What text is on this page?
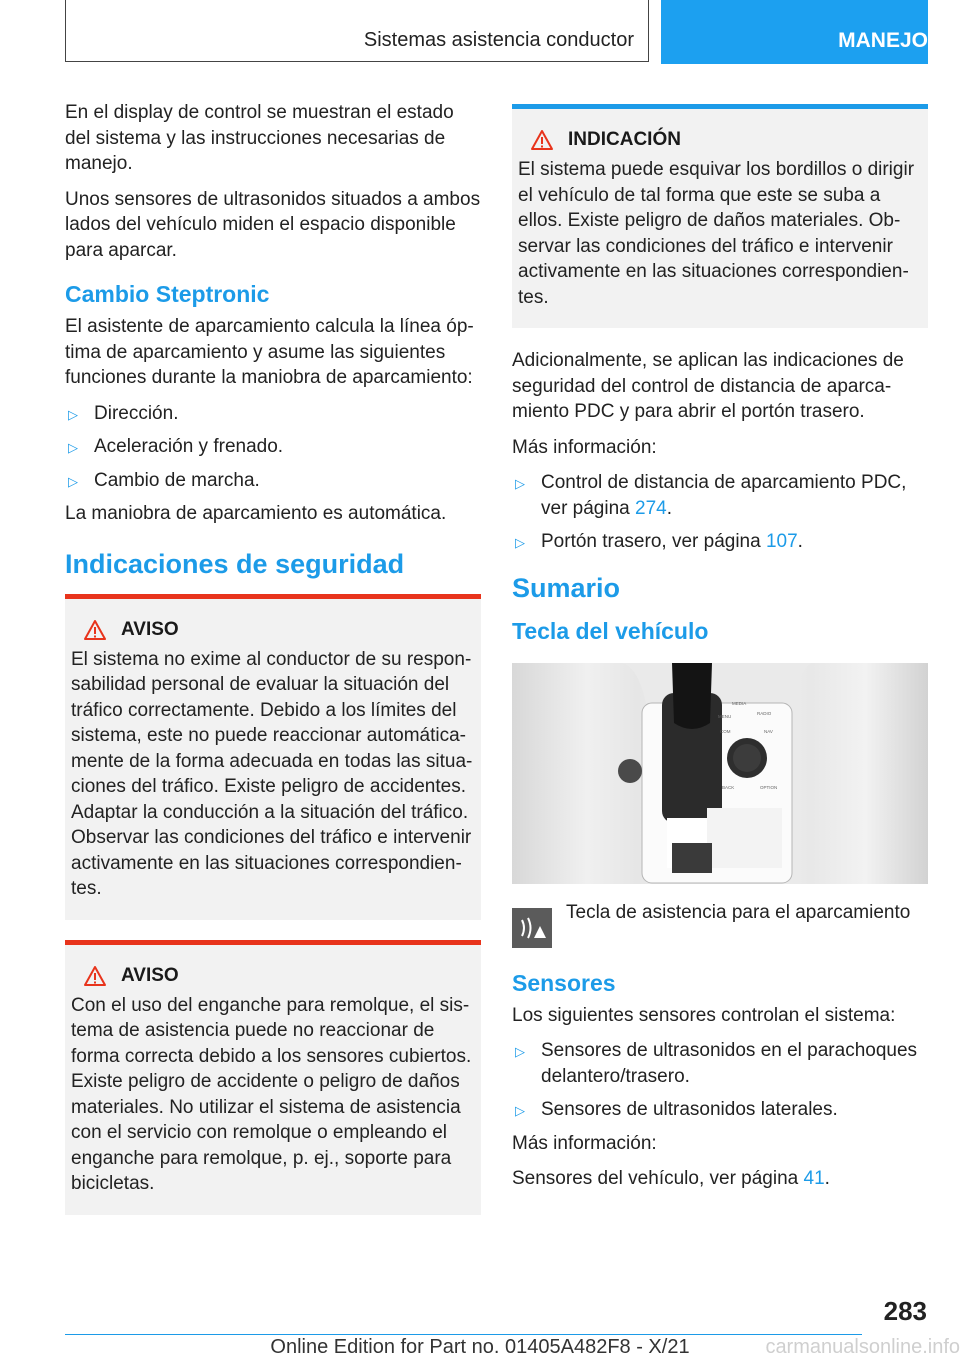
Sistemas asistencia conductor	MANEJO

En el display de control se muestran el estado del sistema y las instrucciones necesarias de manejo.

Unos sensores de ultrasonidos situados a ambos lados del vehículo miden el espacio disponible para aparcar.

Cambio Steptronic

El asistente de aparcamiento calcula la línea óptima de aparcamiento y asume las siguientes funciones durante la maniobra de aparcamiento:

▷ Dirección.
▷ Aceleración y frenado.
▷ Cambio de marcha.

La maniobra de aparcamiento es automática.

Indicaciones de seguridad
AVISO

El sistema no exime al conductor de su responsabilidad personal de evaluar la situación del tráfico correctamente. Debido a los límites del sistema, este no puede reaccionar automáticamente de la forma adecuada en todas las situaciones del tráfico. Existe peligro de accidentes. Adaptar la conducción a la situación del tráfico. Observar las condiciones del tráfico e intervenir activamente en las situaciones correspondientes.

AVISO

Con el uso del enganche para remolque, el sistema de asistencia puede no reaccionar de forma correcta debido a los sensores cubiertos. Existe peligro de accidente o peligro de daños materiales. No utilizar el sistema de asistencia con el servicio con remolque o empleando el enganche para remolque, p. ej., soporte para bicicletas.

INDICACIÓN

El sistema puede esquivar los bordillos o dirigir el vehículo de tal forma que este se suba a ellos. Existe peligro de daños materiales. Observar las condiciones del tráfico e intervenir activamente en las situaciones correspondientes.

Adicionalmente, se aplican las indicaciones de seguridad del control de distancia de aparcamiento PDC y para abrir el portón trasero.

Más información:

▷ Control de distancia de aparcamiento PDC, ver página 274.
▷ Portón trasero, ver página 107.
Sumario
Tecla del vehículo
MEDIA
MENU
RADIO
COM	NAV
BACK	OPTION

Tecla de asistencia para el aparcamiento

Sensores

Los siguientes sensores controlan el sistema:

▷ Sensores de ultrasonidos en el parachoques delantero/trasero.
▷ Sensores de ultrasonidos laterales.

Más información:

Sensores del vehículo, ver página 41.

283
Online Edition for Part no. 01405A482F8 - X/21	carmanualsonline.info
